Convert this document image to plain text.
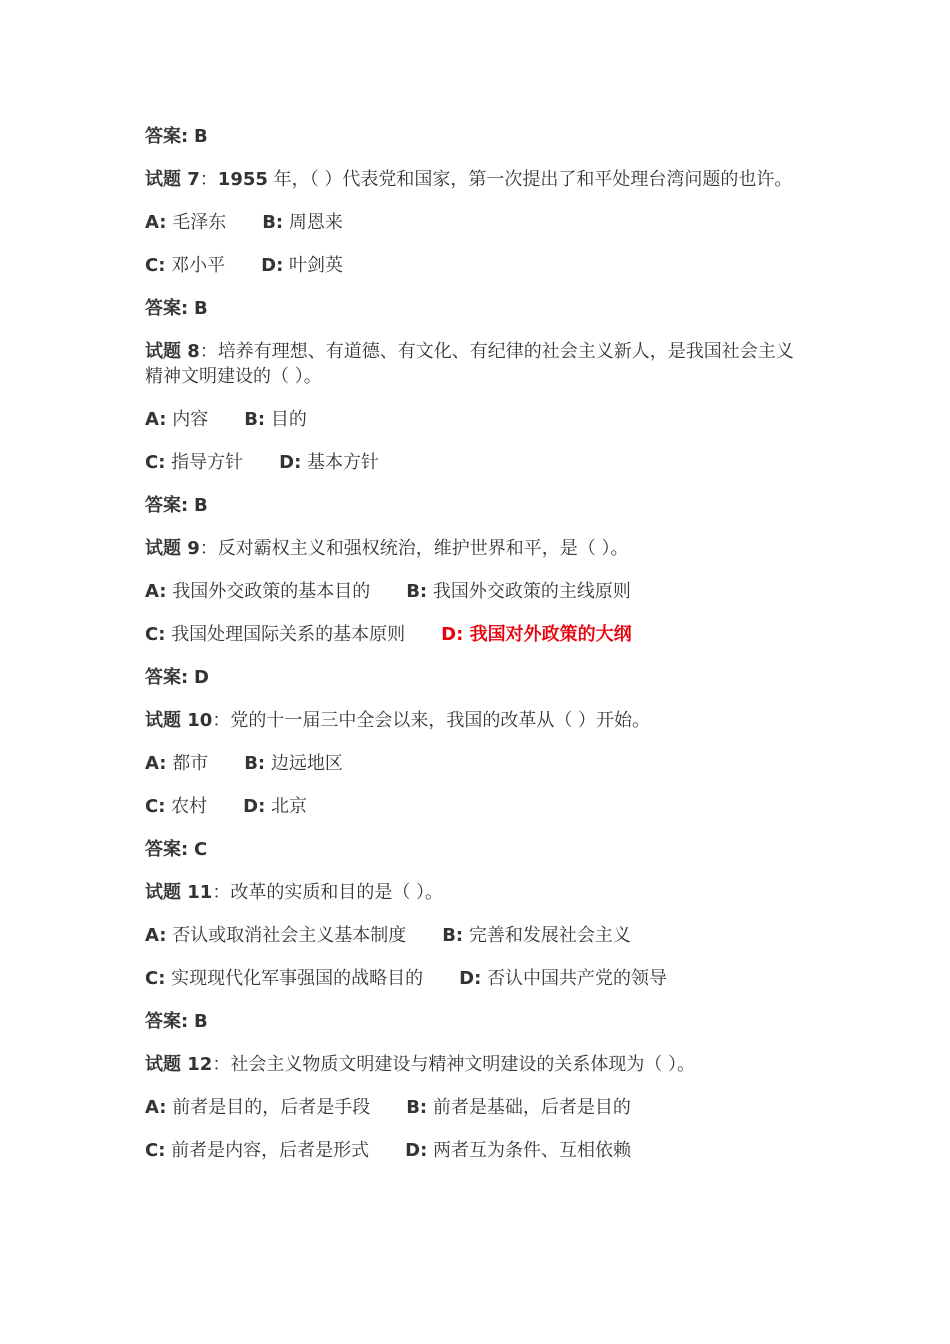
答案: B
试题 7：1955 年，（ ）代表党和国家，第一次提出了和平处理台湾问题的也许。
A: 毛泽东 B: 周恩来
C: 邓小平 D: 叶剑英
答案: B
试题 8：培养有理想、有道德、有文化、有纪律的社会主义新人，是我国社会主义精神文明建设的（ ）。
A: 内容 B: 目的
C: 指导方针 D: 基本方针
答案: B
试题 9：反对霸权主义和强权统治，维护世界和平，是（ ）。
A: 我国外交政策的基本目的 B: 我国外交政策的主线原则
C: 我国处理国际关系的基本原则 D: 我国对外政策的大纲
答案: D
试题 10：党的十一届三中全会以来，我国的改革从（ ）开始。
A: 都市 B: 边远地区
C: 农村 D: 北京
答案: C
试题 11：改革的实质和目的是（ ）。
A: 否认或取消社会主义基本制度 B: 完善和发展社会主义
C: 实现现代化军事强国的战略目的 D: 否认中国共产党的领导
答案: B
试题 12：社会主义物质文明建设与精神文明建设的关系体现为（ ）。
A: 前者是目的，后者是手段 B: 前者是基础，后者是目的
C: 前者是内容，后者是形式 D: 两者互为条件、互相依赖
